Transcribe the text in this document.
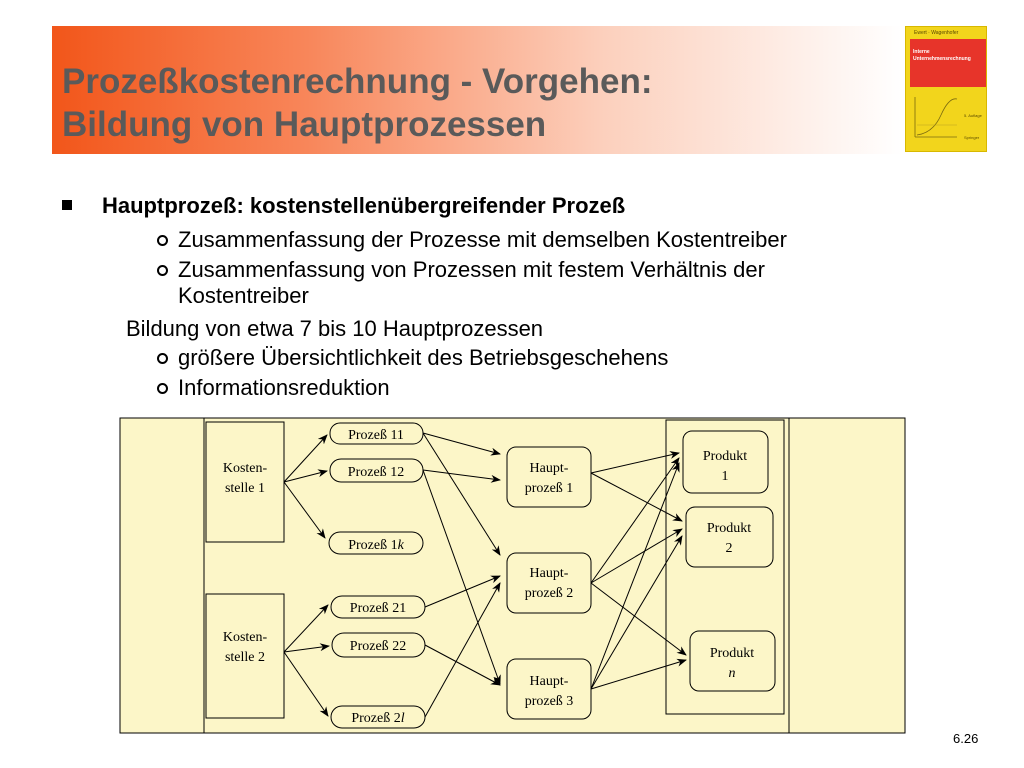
Prozeßkostenrechnung - Vorgehen:
Bildung von Hauptprozessen
Ewert · Wagenhofer
Interne
Unternehmensrechnung
5. Auflage
Springer
Hauptprozeß: kostenstellenübergreifender Prozeß
Zusammenfassung der Prozesse mit demselben Kostentreiber
Zusammenfassung von Prozessen mit festem Verhältnis der
Kostentreiber
Bildung von etwa 7 bis 10 Hauptprozessen
größere Übersichtlichkeit des Betriebsgeschehens
Informationsreduktion
Kosten-
stelle 1
Kosten-
stelle 2
Prozeß 11
Prozeß 12
Prozeß 1k
Prozeß 21
Prozeß 22
Prozeß 2l
Haupt-
prozeß 1
Haupt-
prozeß 2
Haupt-
prozeß 3
Produkt
1
Produkt
2
Produkt
n
6.26
